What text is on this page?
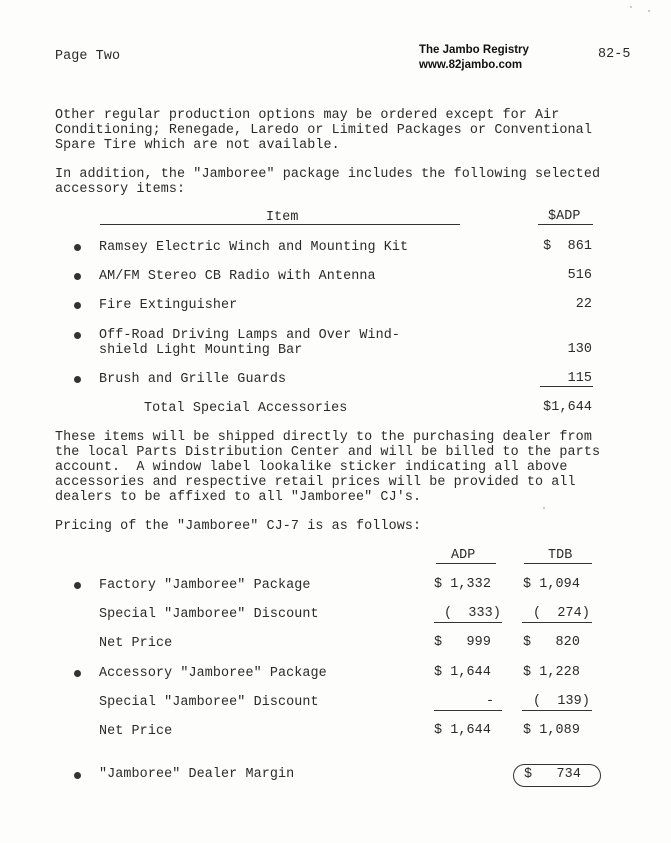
Page Two	The Jambo Registry
www.82jambo.com
82-5
Other regular production options may be ordered except for Air
Conditioning; Renegade, Laredo or Limited Packages or Conventional
Spare Tire which are not available.
In addition, the "Jamboree" package includes the following selected
accessory items:
Item	$ADP
Ramsey Electric Winch and Mounting Kit	$  861
AM/FM Stereo CB Radio with Antenna	516
Fire Extinguisher	22
Off-Road Driving Lamps and Over Wind-
shield Light Mounting Bar	130
Brush and Grille Guards	115
Total Special Accessories	$1,644
These items will be shipped directly to the purchasing dealer from
the local Parts Distribution Center and will be billed to the parts
account.  A window label lookalike sticker indicating all above
accessories and respective retail prices will be provided to all
dealers to be affixed to all "Jamboree" CJ's.
Pricing of the "Jamboree" CJ-7 is as follows:
ADP	TDB
Factory "Jamboree" Package	$ 1,332 $ 1,094
Special "Jamboree" Discount	(  333) (  274)
Net Price	$   999 $   820
Accessory "Jamboree" Package	$ 1,644 $ 1,228
Special "Jamboree" Discount	-	(  139)
Net Price	$ 1,644 $ 1,089
"Jamboree" Dealer Margin	$   734
